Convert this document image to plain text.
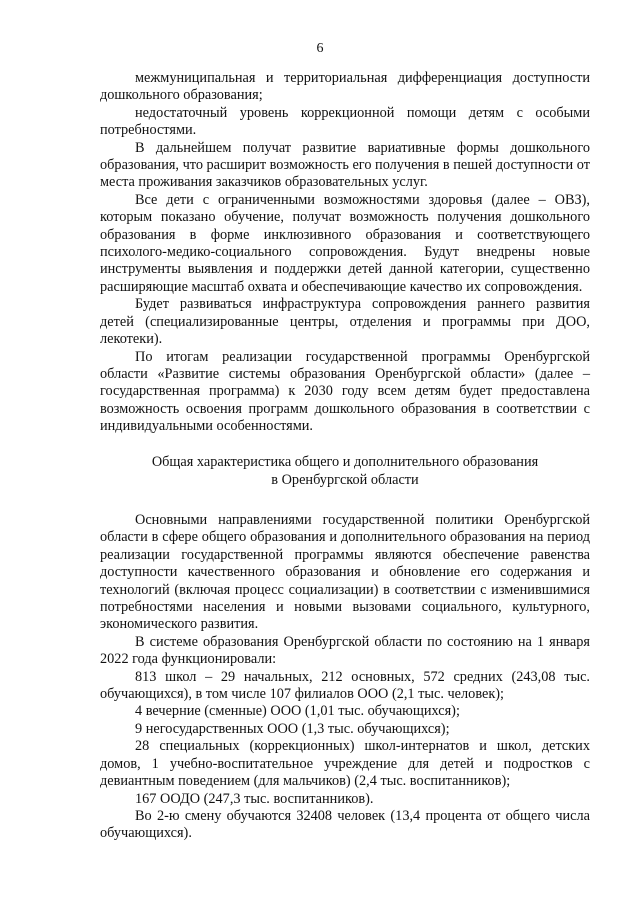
6

межмуниципальная и территориальная дифференциация доступности дошкольного образования;

недостаточный уровень коррекционной помощи детям с особыми потребностями.

В дальнейшем получат развитие вариативные формы дошкольного образования, что расширит возможность его получения в пешей доступности от места проживания заказчиков образовательных услуг.

Все дети с ограниченными возможностями здоровья (далее – ОВЗ), которым показано обучение, получат возможность получения дошкольного образования в форме инклюзивного образования и соответствующего психолого-медико-социального сопровождения. Будут внедрены новые инструменты выявления и поддержки детей данной категории, существенно расширяющие масштаб охвата и обеспечивающие качество их сопровождения.

Будет развиваться инфраструктура сопровождения раннего развития детей (специализированные центры, отделения и программы при ДОО, лекотеки).

По итогам реализации государственной программы Оренбургской области «Развитие системы образования Оренбургской области» (далее – государственная программа) к 2030 году всем детям будет предоставлена возможность освоения программ дошкольного образования в соответствии с индивидуальными особенностями.

Общая характеристика общего и дополнительного образования
в Оренбургской области

Основными направлениями государственной политики Оренбургской области в сфере общего образования и дополнительного образования на период реализации государственной программы являются обеспечение равенства доступности качественного образования и обновление его содержания и технологий (включая процесс социализации) в соответствии с изменившимися потребностями населения и новыми вызовами социального, культурного, экономического развития.

В системе образования Оренбургской области по состоянию на 1 января 2022 года функционировали:

813 школ – 29 начальных, 212 основных, 572 средних (243,08 тыс. обучающихся), в том числе 107 филиалов ООО (2,1 тыс. человек);

4 вечерние (сменные) ООО (1,01 тыс. обучающихся);

9 негосударственных ООО (1,3 тыс. обучающихся);

28 специальных (коррекционных) школ-интернатов и школ, детских домов, 1 учебно-воспитательное учреждение для детей и подростков с девиантным поведением (для мальчиков) (2,4 тыс. воспитанников);

167 ООДО (247,3 тыс. воспитанников).

Во 2-ю смену обучаются 32408 человек (13,4 процента от общего числа обучающихся).
